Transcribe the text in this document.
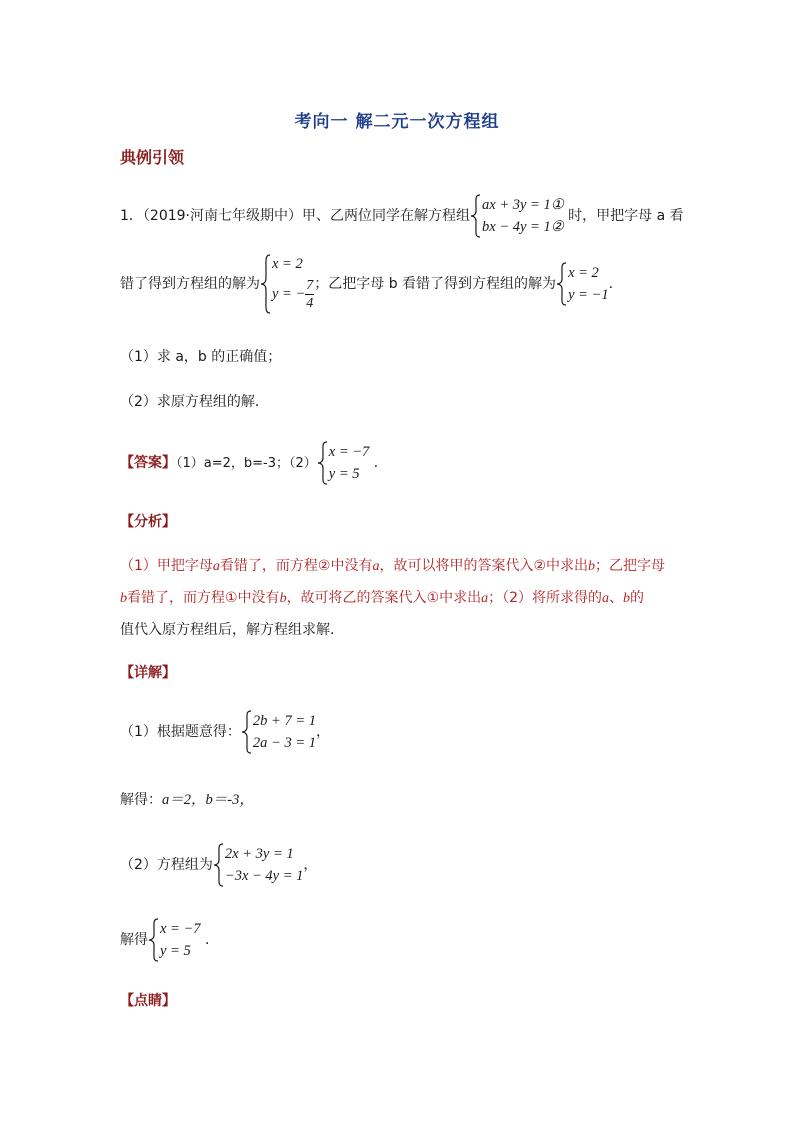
考向一 解二元一次方程组
典例引领
1．（2019·河南七年级期中）甲、乙两位同学在解方程组
ax + 3y = 1①
bx − 4y = 1②
时，甲把字母 a 看
错了得到方程组的解为
x = 2
y = − $\frac{7}{4}$ ；乙把字母 b 看错了得到方程组的解为
x = 2
y = −1
.
（1）求 a，b 的正确值；
（2）求原方程组的解．
【答案】（1）a=2，b=-3；（2）
x = −7
y = 5
．
【分析】
（1）甲把字母a看错了，而方程②中没有a，故可以将甲的答案代入②中求出b；乙把字母
b看错了，而方程①中没有b，故可将乙的答案代入①中求出a；（2）将所求得的a、b的
值代入原方程组后，解方程组求解.
【详解】
（1）根据题意得：
2b + 7 = 1
2a − 3 = 1
，
解得：a＝2，b＝-3，
（2）方程组为
2x + 3y = 1
−3x − 4y = 1
，
解得
x = −7
y = 5
．
【点睛】
